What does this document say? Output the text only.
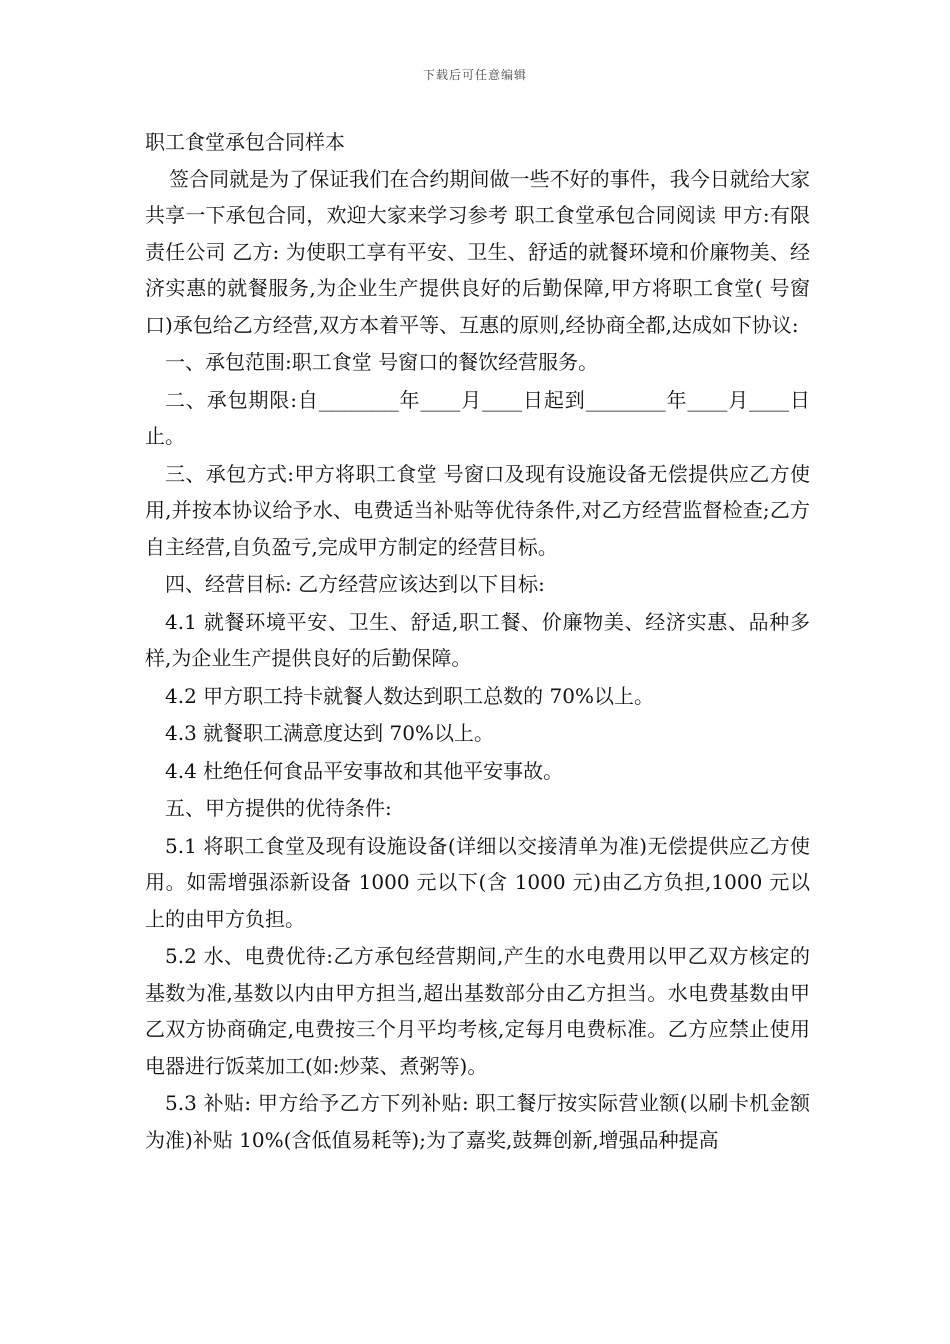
下载后可任意编辑

职工食堂承包合同样本

签合同就是为了保证我们在合约期间做一些不好的事件，我今日就给大家共享一下承包合同，欢迎大家来学习参考 职工食堂承包合同阅读 甲方:有限责任公司 乙方: 为使职工享有平安、卫生、舒适的就餐环境和价廉物美、经济实惠的就餐服务,为企业生产提供良好的后勤保障,甲方将职工食堂( 号窗口)承包给乙方经营,双方本着平等、互惠的原则,经协商全都,达成如下协议:

一、承包范围:职工食堂 号窗口的餐饮经营服务。

二、承包期限:自________年____月____日起到________年____月____日止。

三、承包方式:甲方将职工食堂 号窗口及现有设施设备无偿提供应乙方使用,并按本协议给予水、电费适当补贴等优待条件,对乙方经营监督检查;乙方自主经营,自负盈亏,完成甲方制定的经营目标。

四、经营目标: 乙方经营应该达到以下目标:

4.1 就餐环境平安、卫生、舒适,职工餐、价廉物美、经济实惠、品种多样,为企业生产提供良好的后勤保障。

4.2 甲方职工持卡就餐人数达到职工总数的 70%以上。

4.3 就餐职工满意度达到 70%以上。

4.4 杜绝任何食品平安事故和其他平安事故。

五、甲方提供的优待条件:

5.1 将职工食堂及现有设施设备(详细以交接清单为准)无偿提供应乙方使用。如需增强添新设备 1000 元以下(含 1000 元)由乙方负担,1000 元以上的由甲方负担。

5.2 水、电费优待:乙方承包经营期间,产生的水电费用以甲乙双方核定的基数为准,基数以内由甲方担当,超出基数部分由乙方担当。水电费基数由甲乙双方协商确定,电费按三个月平均考核,定每月电费标准。乙方应禁止使用电器进行饭菜加工(如:炒菜、煮粥等)。

5.3 补贴: 甲方给予乙方下列补贴: 职工餐厅按实际营业额(以刷卡机金额为准)补贴 10%(含低值易耗等);为了嘉奖,鼓舞创新,增强品种提高
